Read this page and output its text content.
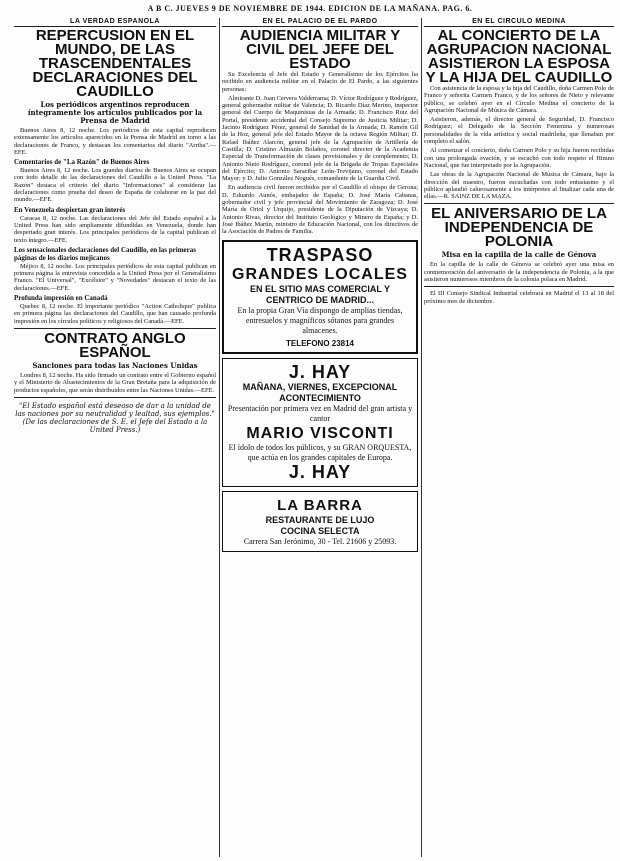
A B C. JUEVES 9 DE NOVIEMBRE DE 1944. EDICION DE LA MAÑANA. PAG. 6.
LA VERDAD ESPAÑOLA
REPERCUSION EN EL MUNDO, DE LAS TRASCENDENTALES DECLARACIONES DEL CAUDILLO
Los periódicos argentinos reproducen íntegramente los artículos publicados por la Prensa de Madrid

Buenos Aires 8, 12 noche. Los periódicos de esta capital reproducen extensamente los artículos aparecidos en la Prensa de Madrid en torno a las declaraciones de Franco, y destacan los comentarios del diario "Arriba".—EFE.

Comentarios de "La Razón" de Buenos Aires

Buenos Aires 8, 12 noche. Los grandes diarios de Buenos Aires se ocupan con todo detalle de las declaraciones del Caudillo a la United Press. "La Razón" destaca el criterio del diario "Informaciones" al considerar las declaraciones como prueba del deseo de España de colaborar en la paz del mundo.—EFE.

En Venezuela despiertan gran interés

Caracas 8, 12 noche. Las declaraciones del Jefe del Estado español a la United Press han sido ampliamente difundidas en Venezuela, donde han despertado gran interés. Los principales periódicos de la capital publican el texto íntegro.—EFE.

Los sensacionales declaraciones del Caudillo, en las primeras páginas de los diarios mejicanos

Méjico 8, 12 noche. Los principales periódicos de esta capital publican en primera página la entrevista concedida a la United Press por el Generalísimo Franco. "El Universal", "Excélsior" y "Novedades" destacan el texto de las declaraciones.—EFE.

Profunda impresión en Canadá

Quebec 8, 12 noche. El importante periódico "Action Catholique" publica en primera página las declaraciones del Caudillo, que han causado profunda impresión en los círculos políticos y religiosos del Canadá.—EFE.

CONTRATO ANGLO ESPAÑOL
Sanciones para todas las Naciones Unidas

Londres 8, 12 noche. Ha sido firmado un contrato entre el Gobierno español y el Ministerio de Abastecimientos de la Gran Bretaña para la adquisición de productos españoles, que serán distribuidos entre las Naciones Unidas.—EFE.

"El Estado español está deseoso de dar a la unidad de las naciones por su neutralidad y lealtad, sus ejemplos." (De las declaraciones de S. E. el Jefe del Estado a la United Press.)
EN EL PALACIO DE EL PARDO
AUDIENCIA MILITAR Y CIVIL DEL JEFE DEL ESTADO

Su Excelencia el Jefe del Estado y Generalísimo de los Ejércitos ha recibido en audiencia militar en el Palacio de El Pardo, a las siguientes personas:

Almirante D. Juan Cervera Valderrama; D. Víctor Rodríguez y Rodríguez, general gobernador militar de Valencia; D. Ricardo Díaz Merino, inspector general del Cuerpo de Maquinistas de la Armada; D. Francisco Ruiz del Portal, presidente accidental del Consejo Supremo de Justicia Militar; D. Jacinto Rodríguez Pérez, general de Sanidad de la Armada; D. Ramón Gil de la Hoz, general jefe del Estado Mayor de la octava Región Militar; D. Rafael Ibáñez Alarcón, general jefe de la Agrupación de Artillería de Castilla; D. Cristino Almazán Bolaños, coronel director de la Academia Especial de Transformación de clases provisionales y de complemento; D. Antonio Nieto Rodríguez, coronel jefe de la Brigada de Tropas Especiales del Ejército; D. Antonio Saracibar León-Trevijano, coronel del Estado Mayor; y D. Julio González Nogués, comandante de la Guardia Civil.

En audiencia civil fueron recibidos por el Caudillo el obispo de Gerona; D. Eduardo Aunós, embajador de España; D. José María Cabanas, gobernador civil y jefe provincial del Movimiento de Zaragoza; D. José María de Oriol y Urquijo, presidente de la Diputación de Vizcaya; D. Antonio Rivas, director del Instituto Geológico y Minero de España; y D. José Ibáñez Martín, ministro de Educación Nacional, con los directivos de la Asociación de Padres de Familia.

TRASPASO
GRANDES LOCALES
EN EL SITIO MAS COMERCIAL Y CENTRICO DE MADRID...
En la propia Gran Vía dispongo de amplias tiendas, entresuelos y magníficos sótanos para grandes almacenes.
TELEFONO 23814
J. HAY
MAÑANA, VIERNES, EXCEPCIONAL ACONTECIMIENTO
Presentación por primera vez en Madrid del gran artista y cantor
MARIO VISCONTI
El ídolo de todos los públicos, y su GRAN ORQUESTA, que actúa en los grandes capitales de Europa.
J. HAY
LA BARRA
RESTAURANTE DE LUJO
COCINA SELECTA
Carrera San Jerónimo, 30 - Tel. 21606 y 25093.
EN EL CIRCULO MEDINA
AL CONCIERTO DE LA AGRUPACION NACIONAL ASISTIERON LA ESPOSA Y LA HIJA DEL CAUDILLO

Con asistencia de la esposa y la hija del Caudillo, doña Carmen Polo de Franco y señorita Carmen Franco, y de los señores de Nieto y relevante público, se celebró ayer en el Círculo Medina el concierto de la Agrupación Nacional de Música de Cámara.

Asistieron, además, el director general de Seguridad, D. Francisco Rodríguez; el Delegado de la Sección Femenina y numerosas personalidades de la vida artística y social madrileña, que llenaban por completo el salón.

Al comenzar el concierto, doña Carmen Polo y su hija fueron recibidas con una prolongada ovación, y se escuchó con todo respeto el Himno Nacional, que fue interpretado por la Agrupación.

Las obras de la Agrupación Nacional de Música de Cámara, bajo la dirección del maestro, fueron escuchadas con todo entusiasmo y el público aplaudió calurosamente a los intérpretes al finalizar cada una de ellas.—R. SAINZ DE LA MAZA.

EL ANIVERSARIO DE LA INDEPENDENCIA DE POLONIA
Misa en la capilla de la calle de Génova

En la capilla de la calle de Génova se celebró ayer una misa en conmemoración del aniversario de la independencia de Polonia, a la que asistieron numerosos miembros de la colonia polaca en Madrid.

El III Consejo Sindical Industrial celebrará en Madrid el 13 al 18 del próximo mes de diciembre.
